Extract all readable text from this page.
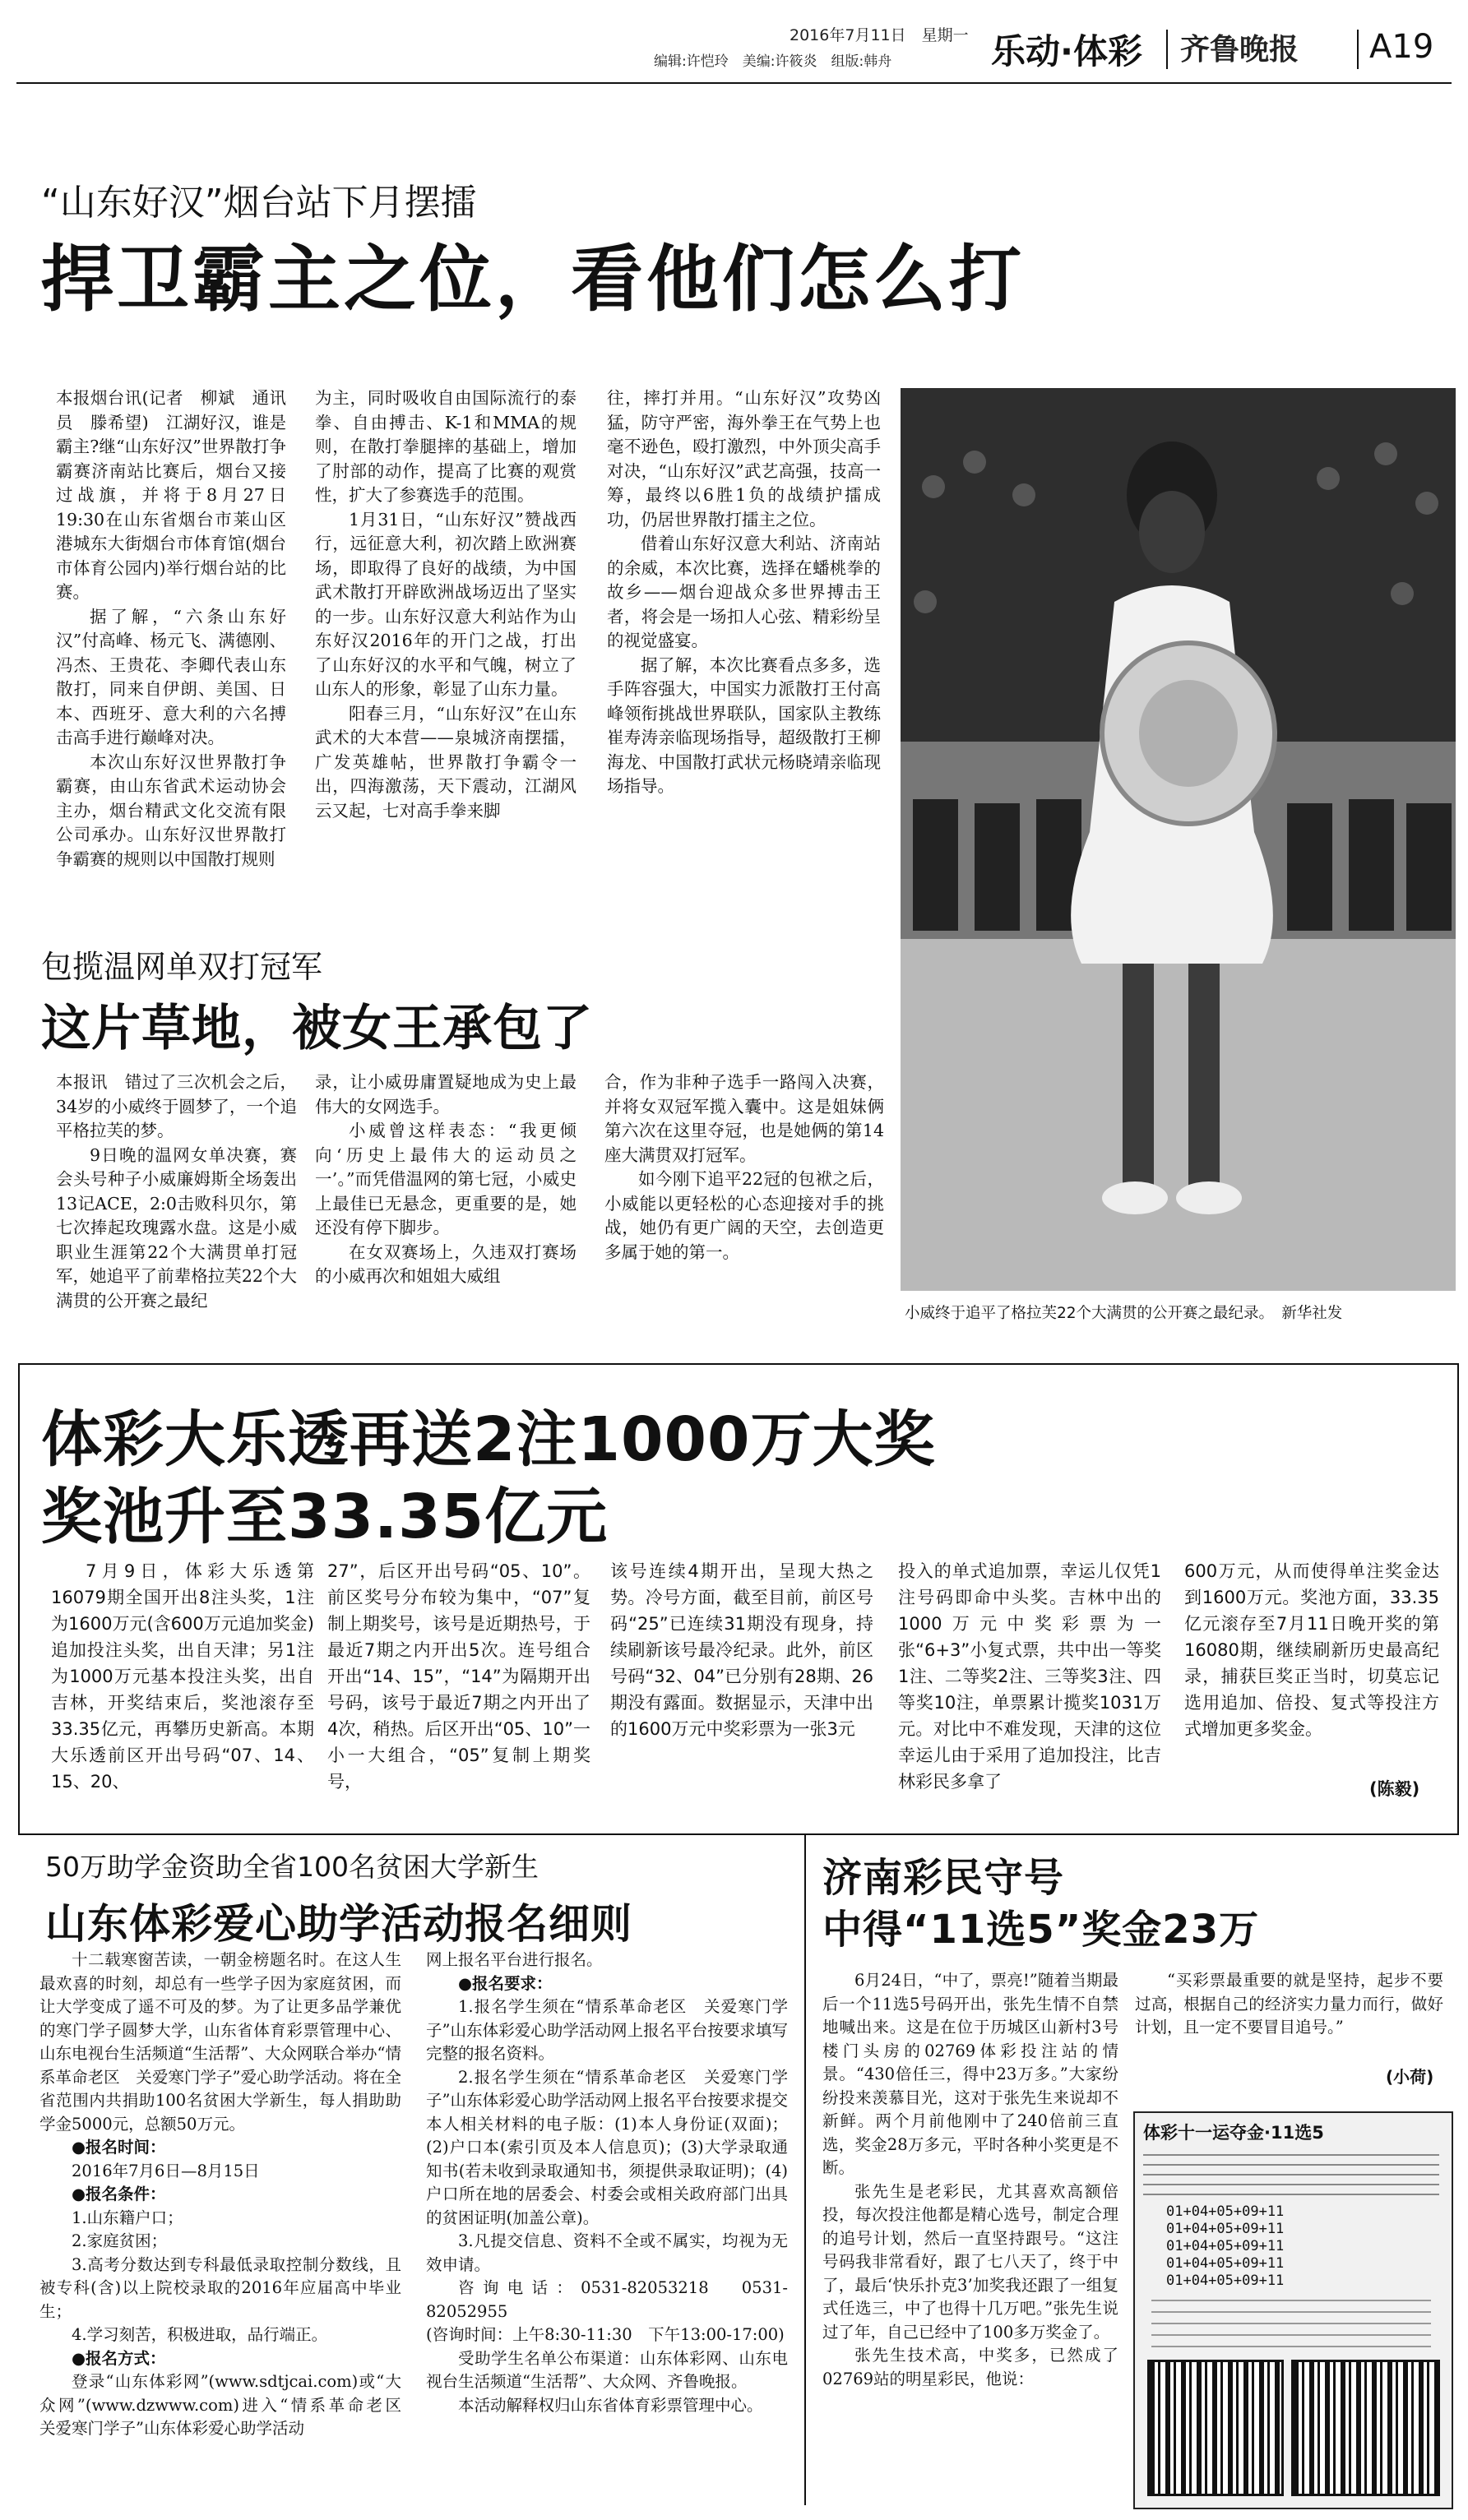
2016年7月11日　 星期一
编辑:许恺玲　 美编:许筱炎　 组版:韩舟	乐动·体彩 齐鲁晚报 A19
“山东好汉”烟台站下月摆擂
捍卫霸主之位，看他们怎么打

本报烟台讯(记者　柳斌　通讯员　滕希望)　江湖好汉，谁是霸主?继“山东好汉”世界散打争霸赛济南站比赛后，烟台又接过战旗，并将于8月27日19:30在山东省烟台市莱山区港城东大街烟台市体育馆(烟台市体育公园内)举行烟台站的比赛。

据了解，“六条山东好汉”付高峰、杨元飞、满德刚、冯杰、王贵花、李卿代表山东散打，同来自伊朗、美国、日本、西班牙、意大利的六名搏击高手进行巅峰对决。

本次山东好汉世界散打争霸赛，由山东省武术运动协会主办，烟台精武文化交流有限公司承办。山东好汉世界散打争霸赛的规则以中国散打规则

为主，同时吸收自由国际流行的泰拳、自由搏击、K-1和MMA的规则，在散打拳腿摔的基础上，增加了肘部的动作，提高了比赛的观赏性，扩大了参赛选手的范围。

1月31日，“山东好汉”赞战西行，远征意大利，初次踏上欧洲赛场，即取得了良好的战绩，为中国武术散打开辟欧洲战场迈出了坚实的一步。山东好汉意大利站作为山东好汉2016年的开门之战，打出了山东好汉的水平和气魄，树立了山东人的形象，彰显了山东力量。

阳春三月，“山东好汉”在山东武术的大本营——泉城济南摆擂，广发英雄帖，世界散打争霸令一出，四海激荡，天下震动，江湖风云又起，七对高手拳来脚

往，摔打并用。“山东好汉”攻势凶猛，防守严密，海外拳王在气势上也毫不逊色，殴打激烈，中外顶尖高手对决，“山东好汉”武艺高强，技高一筹，最终以6胜1负的战绩护擂成功，仍居世界散打擂主之位。

借着山东好汉意大利站、济南站的余威，本次比赛，选择在蟠桃拳的故乡——烟台迎战众多世界搏击王者，将会是一场扣人心弦、精彩纷呈的视觉盛宴。

据了解，本次比赛看点多多，选手阵容强大，中国实力派散打王付高峰领衔挑战世界联队，国家队主教练崔寿涛亲临现场指导，超级散打王柳海龙、中国散打武状元杨晓靖亲临现场指导。

小威终于追平了格拉芙22个大满贯的公开赛之最纪录。　新华社发
包揽温网单双打冠军
这片草地，被女王承包了

本报讯　错过了三次机会之后，34岁的小威终于圆梦了，一个追平格拉芙的梦。

9日晚的温网女单决赛，赛会头号种子小威廉姆斯全场轰出13记ACE，2:0击败科贝尔，第七次捧起玫瑰露水盘。这是小威职业生涯第22个大满贯单打冠军，她追平了前辈格拉芙22个大满贯的公开赛之最纪

录，让小威毋庸置疑地成为史上最伟大的女网选手。

小威曾这样表态：“我更倾向‘历史上最伟大的运动员之一’。”而凭借温网的第七冠，小威史上最佳已无悬念，更重要的是，她还没有停下脚步。

在女双赛场上，久违双打赛场的小威再次和姐姐大威组

合，作为非种子选手一路闯入决赛，并将女双冠军揽入囊中。这是姐妹俩第六次在这里夺冠，也是她俩的第14座大满贯双打冠军。

如今刚下追平22冠的包袱之后，小威能以更轻松的心态迎接对手的挑战，她仍有更广阔的天空，去创造更多属于她的第一。

体彩大乐透再送2注1000万大奖
奖池升至33.35亿元

7月9日，体彩大乐透第16079期全国开出8注头奖，1注为1600万元(含600万元追加奖金)追加投注头奖，出自天津；另1注为1000万元基本投注头奖，出自吉林，开奖结束后，奖池滚存至33.35亿元，再攀历史新高。本期大乐透前区开出号码“07、14、15、20、

27”，后区开出号码“05、10”。前区奖号分布较为集中，“07”复制上期奖号，该号是近期热号，于最近7期之内开出5次。连号组合开出“14、15”，“14”为隔期开出号码，该号于最近7期之内开出了4次，稍热。后区开出“05、10”一小一大组合，“05”复制上期奖号，

该号连续4期开出，呈现大热之势。冷号方面，截至目前，前区号码“25”已连续31期没有现身，持续刷新该号最冷纪录。此外，前区号码“32、04”已分别有28期、26期没有露面。数据显示，天津中出的1600万元中奖彩票为一张3元

投入的单式追加票，幸运儿仅凭1注号码即命中头奖。吉林中出的1000万元中奖彩票为一张“6+3”小复式票，共中出一等奖1注、二等奖2注、三等奖3注、四等奖10注，单票累计揽奖1031万元。对比中不难发现，天津的这位幸运儿由于采用了追加投注，比吉林彩民多拿了

600万元，从而使得单注奖金达到1600万元。奖池方面，33.35亿元滚存至7月11日晚开奖的第16080期，继续刷新历史最高纪录，捕获巨奖正当时，切莫忘记选用追加、倍投、复式等投注方式增加更多奖金。

(陈毅)
50万助学金资助全省100名贫困大学新生
山东体彩爱心助学活动报名细则

十二载寒窗苦读，一朝金榜题名时。在这人生最欢喜的时刻，却总有一些学子因为家庭贫困，而让大学变成了遥不可及的梦。为了让更多品学兼优的寒门学子圆梦大学，山东省体育彩票管理中心、山东电视台生活频道“生活帮”、大众网联合举办“情系革命老区　关爱寒门学子”爱心助学活动。将在全省范围内共捐助100名贫困大学新生，每人捐助助学金5000元，总额50万元。

●报名时间：

2016年7月6日—8月15日

●报名条件：

1.山东籍户口；

2.家庭贫困；

3.高考分数达到专科最低录取控制分数线，且被专科(含)以上院校录取的2016年应届高中毕业生；

4.学习刻苦，积极进取，品行端正。

●报名方式：

登录“山东体彩网”(www.sdtjcai.com)或“大众网”(www.dzwww.com)进入“情系革命老区　关爱寒门学子”山东体彩爱心助学活动

网上报名平台进行报名。

●报名要求：

1.报名学生须在“情系革命老区　关爱寒门学子”山东体彩爱心助学活动网上报名平台按要求填写完整的报名资料。

2.报名学生须在“情系革命老区　关爱寒门学子”山东体彩爱心助学活动网上报名平台按要求提交本人相关材料的电子版：(1)本人身份证(双面)；(2)户口本(索引页及本人信息页)；(3)大学录取通知书(若未收到录取通知书，须提供录取证明)；(4)户口所在地的居委会、村委会或相关政府部门出具的贫困证明(加盖公章)。

3.凡提交信息、资料不全或不属实，均视为无效申请。

咨询电话：0531-82053218　0531-82052955

(咨询时间：上午8:30-11:30　下午13:00-17:00)

受助学生名单公布渠道：山东体彩网、山东电视台生活频道“生活帮”、大众网、齐鲁晚报。

本活动解释权归山东省体育彩票管理中心。

济南彩民守号
中得“11选5”奖金23万

6月24日，“中了，票亮!”随着当期最后一个11选5号码开出，张先生情不自禁地喊出来。这是在位于历城区山新村3号楼门头房的02769体彩投注站的情景。“430倍任三，得中23万多。”大家纷纷投来羡慕目光，这对于张先生来说却不新鲜。两个月前他刚中了240倍前三直选，奖金28万多元，平时各种小奖更是不断。

张先生是老彩民，尤其喜欢高额倍投，每次投注他都是精心选号，制定合理的追号计划，然后一直坚持跟号。“这注号码我非常看好，跟了七八天了，终于中了，最后‘快乐扑克3’加奖我还跟了一组复式任选三，中了也得十几万吧。”张先生说过了年，自己已经中了100多万奖金了。

张先生技术高，中奖多，已然成了02769站的明星彩民，他说：

“买彩票最重要的就是坚持，起步不要过高，根据自己的经济实力量力而行，做好计划，且一定不要冒目追号。”

(小荷)
体彩十一运夺金·11选5
01+04+05+09+11
01+04+05+09+11
01+04+05+09+11
01+04+05+09+11
01+04+05+09+11
